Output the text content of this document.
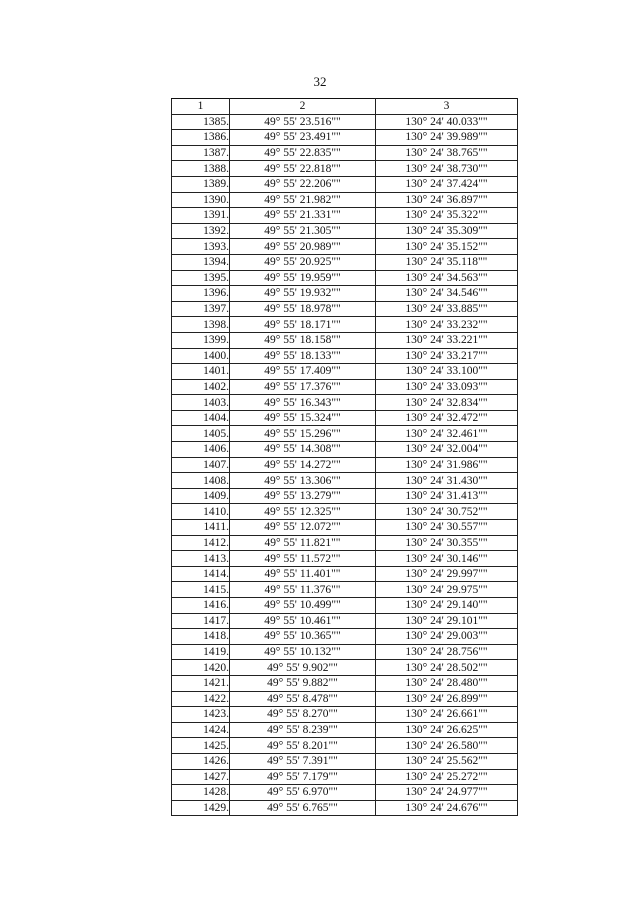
32
1	2	3
1385.	49° 55' 23.516""	130° 24' 40.033""
1386.	49° 55' 23.491""	130° 24' 39.989""
1387.	49° 55' 22.835""	130° 24' 38.765""
1388.	49° 55' 22.818""	130° 24' 38.730""
1389.	49° 55' 22.206""	130° 24' 37.424""
1390.	49° 55' 21.982""	130° 24' 36.897""
1391.	49° 55' 21.331""	130° 24' 35.322""
1392.	49° 55' 21.305""	130° 24' 35.309""
1393.	49° 55' 20.989""	130° 24' 35.152""
1394.	49° 55' 20.925""	130° 24' 35.118""
1395.	49° 55' 19.959""	130° 24' 34.563""
1396.	49° 55' 19.932""	130° 24' 34.546""
1397.	49° 55' 18.978""	130° 24' 33.885""
1398.	49° 55' 18.171""	130° 24' 33.232""
1399.	49° 55' 18.158""	130° 24' 33.221""
1400.	49° 55' 18.133""	130° 24' 33.217""
1401.	49° 55' 17.409""	130° 24' 33.100""
1402.	49° 55' 17.376""	130° 24' 33.093""
1403.	49° 55' 16.343""	130° 24' 32.834""
1404.	49° 55' 15.324""	130° 24' 32.472""
1405.	49° 55' 15.296""	130° 24' 32.461""
1406.	49° 55' 14.308""	130° 24' 32.004""
1407.	49° 55' 14.272""	130° 24' 31.986""
1408.	49° 55' 13.306""	130° 24' 31.430""
1409.	49° 55' 13.279""	130° 24' 31.413""
1410.	49° 55' 12.325""	130° 24' 30.752""
1411.	49° 55' 12.072""	130° 24' 30.557""
1412.	49° 55' 11.821""	130° 24' 30.355""
1413.	49° 55' 11.572""	130° 24' 30.146""
1414.	49° 55' 11.401""	130° 24' 29.997""
1415.	49° 55' 11.376""	130° 24' 29.975""
1416.	49° 55' 10.499""	130° 24' 29.140""
1417.	49° 55' 10.461""	130° 24' 29.101""
1418.	49° 55' 10.365""	130° 24' 29.003""
1419.	49° 55' 10.132""	130° 24' 28.756""
1420.	49° 55' 9.902""	130° 24' 28.502""
1421.	49° 55' 9.882""	130° 24' 28.480""
1422.	49° 55' 8.478""	130° 24' 26.899""
1423.	49° 55' 8.270""	130° 24' 26.661""
1424.	49° 55' 8.239""	130° 24' 26.625""
1425.	49° 55' 8.201""	130° 24' 26.580""
1426.	49° 55' 7.391""	130° 24' 25.562""
1427.	49° 55' 7.179""	130° 24' 25.272""
1428.	49° 55' 6.970""	130° 24' 24.977""
1429.	49° 55' 6.765""	130° 24' 24.676""
